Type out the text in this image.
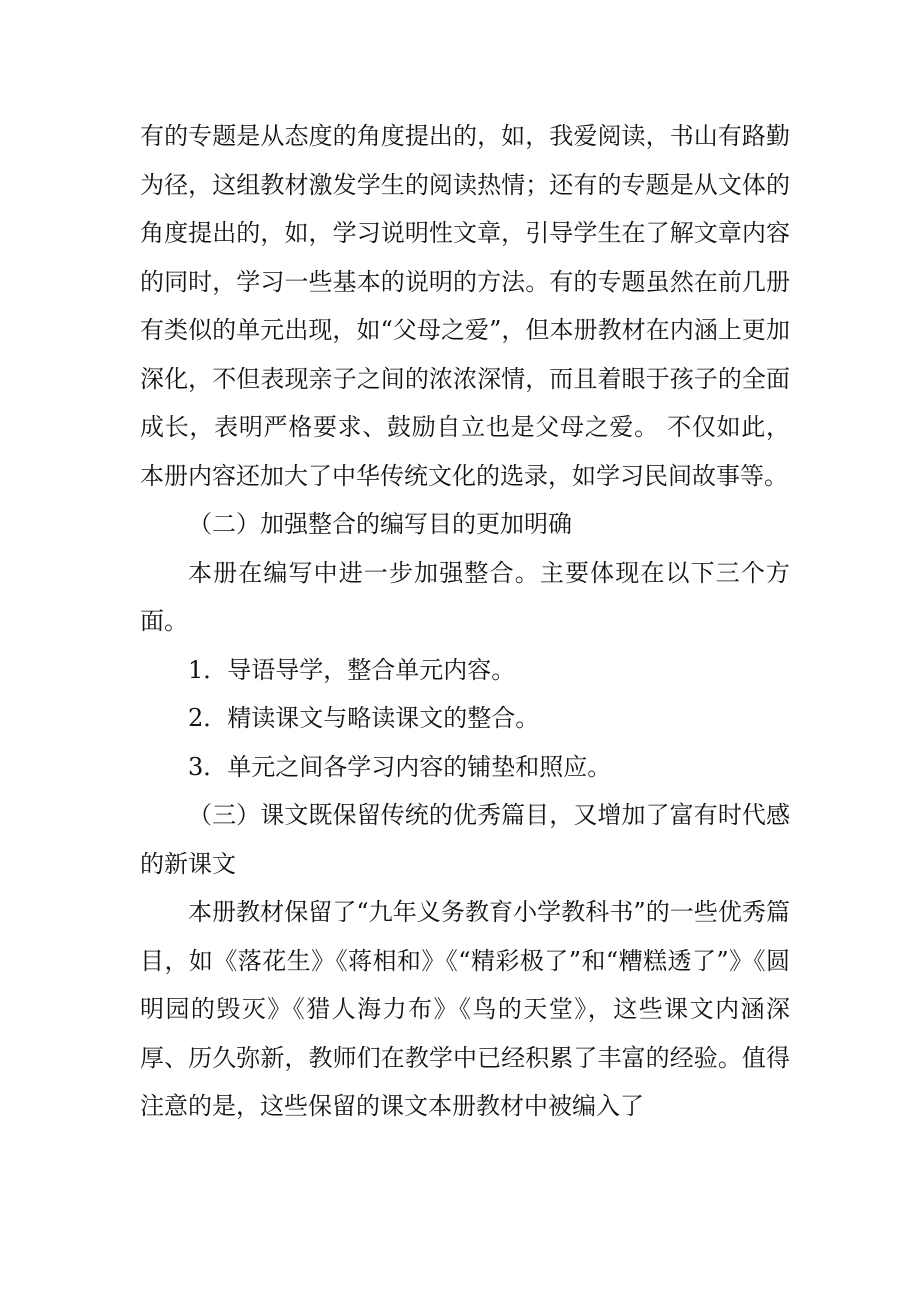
有的专题是从态度的角度提出的，如，我爱阅读，书山有路勤为径，这组教材激发学生的阅读热情；还有的专题是从文体的角度提出的，如，学习说明性文章，引导学生在了解文章内容的同时，学习一些基本的说明的方法。有的专题虽然在前几册有类似的单元出现，如“父母之爱”，但本册教材在内涵上更加深化，不但表现亲子之间的浓浓深情，而且着眼于孩子的全面成长，表明严格要求、鼓励自立也是父母之爱。 不仅如此，本册内容还加大了中华传统文化的选录，如学习民间故事等。

（二）加强整合的编写目的更加明确

本册在编写中进一步加强整合。主要体现在以下三个方面。

1．导语导学，整合单元内容。

2．精读课文与略读课文的整合。

3．单元之间各学习内容的铺垫和照应。

（三）课文既保留传统的优秀篇目，又增加了富有时代感的新课文

本册教材保留了“九年义务教育小学教科书”的一些优秀篇目，如《落花生》《蒋相和》《“精彩极了”和“糟糕透了”》《圆明园的毁灭》《猎人海力布》《鸟的天堂》，这些课文内涵深厚、历久弥新，教师们在教学中已经积累了丰富的经验。值得注意的是，这些保留的课文本册教材中被编入了
